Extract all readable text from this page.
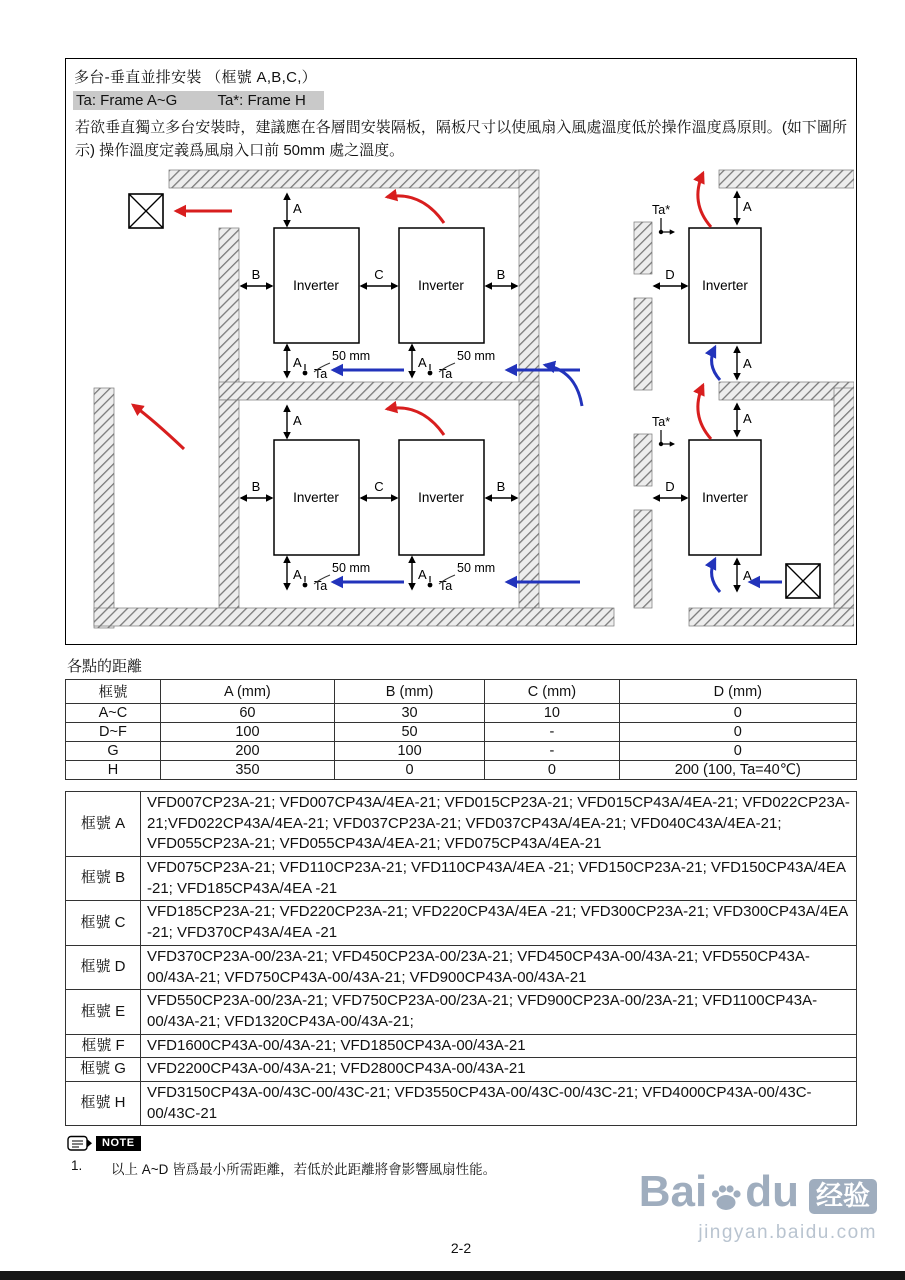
多台-垂直並排安裝 （框號 A,B,C,）
Ta: Frame A~G	Ta*: Frame H
若欲垂直獨立多台安裝時，建議應在各層間安裝隔板，隔板尺寸以使風扇入風處溫度低於操作溫度爲原則。(如下圖所示) 操作溫度定義爲風扇入口前 50mm 處之溫度。
Inverter	Inverter	Inverter
Inverter	Inverter	Inverter
A
A	A
A
A
A
A	A
A
A
B	B
B	B
C
C
D
D
Ta	Ta
Ta	Ta
Ta*
Ta*
50 mm	50 mm
50 mm	50 mm
各點的距離
框號	A (mm)	B (mm)	C (mm)	D (mm)
A~C	60	30	10	0
D~F	100	50	-	0
G	200	100	-	0
H	350	0	0	200 (100, Ta=40℃)
框號 A	VFD007CP23A-21; VFD007CP43A/4EA-21; VFD015CP23A-21; VFD015CP43A/4EA-21; VFD022CP23A-21;VFD022CP43A/4EA-21; VFD037CP23A-21; VFD037CP43A/4EA-21; VFD040C43A/4EA-21; VFD055CP23A-21; VFD055CP43A/4EA-21; VFD075CP43A/4EA-21
框號 B	VFD075CP23A-21; VFD110CP23A-21; VFD110CP43A/4EA -21; VFD150CP23A-21; VFD150CP43A/4EA -21; VFD185CP43A/4EA -21
框號 C	VFD185CP23A-21; VFD220CP23A-21; VFD220CP43A/4EA -21; VFD300CP23A-21; VFD300CP43A/4EA -21; VFD370CP43A/4EA -21
框號 D	VFD370CP23A-00/23A-21; VFD450CP23A-00/23A-21; VFD450CP43A-00/43A-21; VFD550CP43A-00/43A-21; VFD750CP43A-00/43A-21; VFD900CP43A-00/43A-21
框號 E	VFD550CP23A-00/23A-21; VFD750CP23A-00/23A-21; VFD900CP23A-00/23A-21; VFD1100CP43A-00/43A-21; VFD1320CP43A-00/43A-21;
框號 F	VFD1600CP43A-00/43A-21; VFD1850CP43A-00/43A-21
框號 G	VFD2200CP43A-00/43A-21; VFD2800CP43A-00/43A-21
框號 H	VFD3150CP43A-00/43C-00/43C-21; VFD3550CP43A-00/43C-00/43C-21; VFD4000CP43A-00/43C-00/43C-21
NOTE
1.	以上 A~D 皆爲最小所需距離，若低於此距離將會影響風扇性能。
2-2
Bai du 经验
jingyan.baidu.com
